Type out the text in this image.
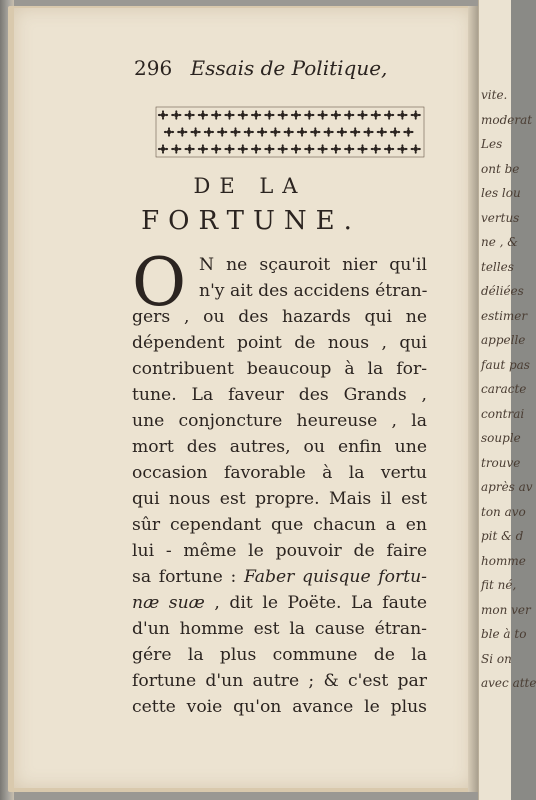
296 Essais de Politique,
DE LA
FORTUNE.
O N ne sçauroit nier qu'il
n'y ait des accidens étran-
gers , ou des hazards qui ne
dépendent point de nous , qui
contribuent beaucoup à la for-
tune. La faveur des Grands ,
une conjoncture heureuse , la
mort des autres, ou enfin une
occasion favorable à la vertu
qui nous est propre. Mais il est
sûr cependant que chacun a en
lui - même le pouvoir de faire
sa fortune : Faber quisque fortu-
næ suæ , dit le Poëte. La faute
d'un homme est la cause étran-
gére la plus commune de la
fortune d'un autre ; & c'est par
cette voie qu'on avance le plus
vite.
moderat
Les
ont be
les lou
vertus
ne , &
telles
déliées
estimer
appelle
faut pas
caracte
contrai
souple
trouve
après av
ton avo
pit & d
homme
fit né,
mon ver
ble à to
Si on
avec atte
